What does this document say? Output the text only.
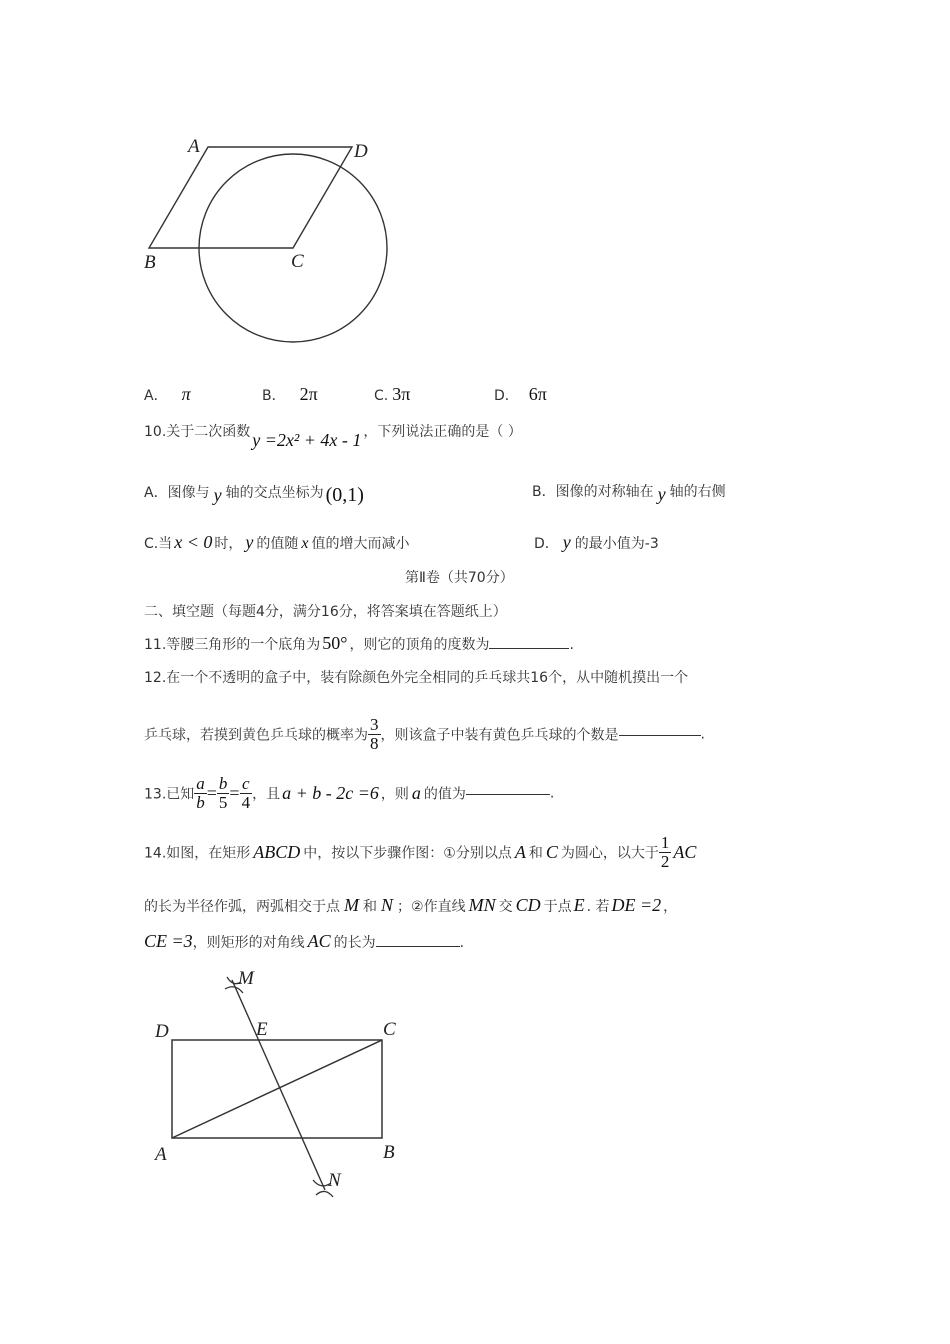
A	D
B	C
A． π	B． 2π	C. 3π	D． 6π
10.关于二次函数 y =2x² + 4x - 1 ，下列说法正确的是（ ）
A．图像与 y 轴的交点坐标为 (0,1)	B．图像的对称轴在 y 轴的右侧
C.当 x < 0 时， y 的值随 x 值的增大而减小	D． y 的最小值为-3
第Ⅱ卷（共70分）
二、填空题（每题4分，满分16分，将答案填在答题纸上）
11.等腰三角形的一个底角为 50° ，则它的顶角的度数为	.
12.在一个不透明的盒子中，装有除颜色外完全相同的乒乓球共16个，从中随机摸出一个
乒乓球，若摸到黄色乒乓球的概率为 $\frac{3}{8}$ ，则该盒子中装有黄色乒乓球的个数是	.
13.已知 $\frac{a}{b} = \frac{b}{5} = \frac{c}{4}$ ，且 a + b - 2c =6 ，则 a 的值为	.
14.如图，在矩形 ABCD 中，按以下步骤作图：①分别以点 A 和 C 为圆心，以大于 $\frac{1}{2}$ AC
的长为半径作弧，两弧相交于点 M 和 N ；②作直线 MN 交 CD 于点 E . 若 DE =2 ，
CE =3，则矩形的对角线 AC 的长为	.
M
D	E	C
A	B
N
